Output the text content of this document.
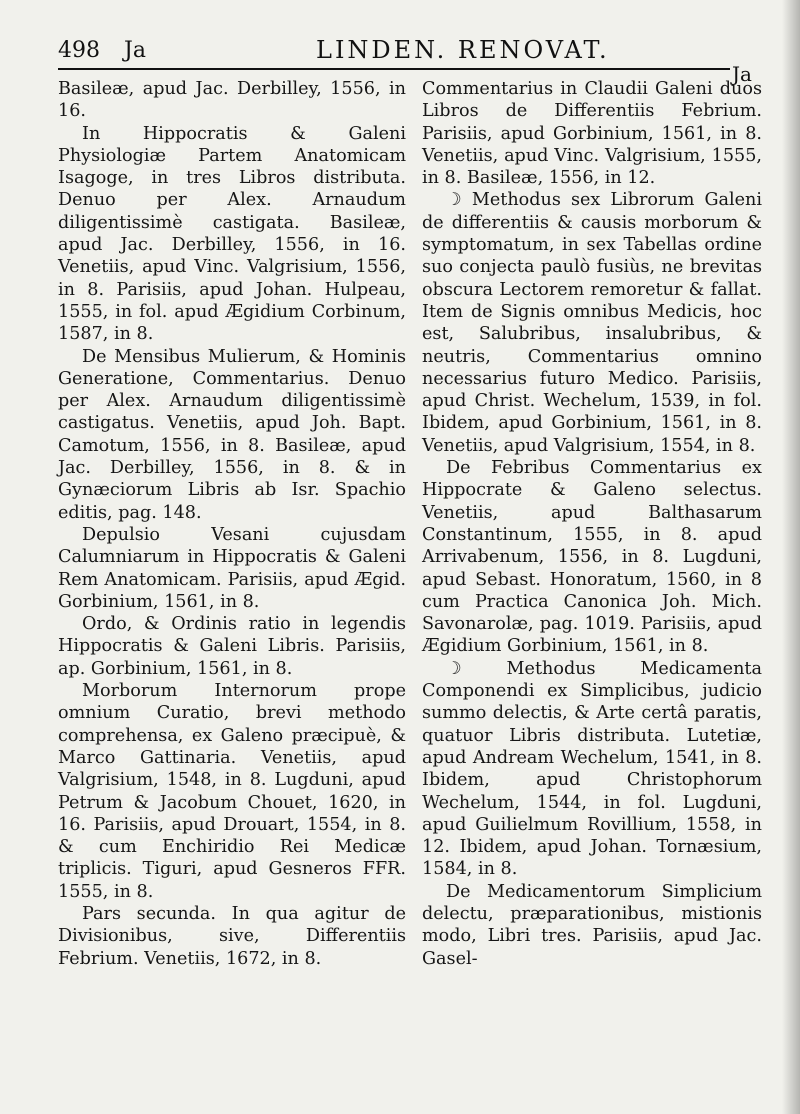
498 Ja	LINDEN. RENOVAT.
Ja

Basileæ, apud Jac. Derbilley, 1556, in 16.

In Hippocratis & Galeni Physiologiæ Partem Anatomicam Isagoge, in tres Libros distributa. Denuo per Alex. Arnaudum diligentissimè castigata. Basileæ, apud Jac. Derbilley, 1556, in 16. Venetiis, apud Vinc. Valgrisium, 1556, in 8. Parisiis, apud Johan. Hulpeau, 1555, in fol. apud Ægidium Corbinum, 1587, in 8.

De Mensibus Mulierum, & Hominis Generatione, Commentarius. Denuo per Alex. Arnaudum diligentissimè castigatus. Venetiis, apud Joh. Bapt. Camotum, 1556, in 8. Basileæ, apud Jac. Derbilley, 1556, in 8. & in Gynæciorum Libris ab Isr. Spachio editis, pag. 148.

Depulsio Vesani cujusdam Calumniarum in Hippocratis & Galeni Rem Anatomicam. Parisiis, apud Ægid. Gorbinium, 1561, in 8.

Ordo, & Ordinis ratio in legendis Hippocratis & Galeni Libris. Parisiis, ap. Gorbinium, 1561, in 8.

Morborum Internorum prope omnium Curatio, brevi methodo comprehensa, ex Galeno præcipuè, & Marco Gattinaria. Venetiis, apud Valgrisium, 1548, in 8. Lugduni, apud Petrum & Jacobum Chouet, 1620, in 16. Parisiis, apud Drouart, 1554, in 8. & cum Enchiridio Rei Medicæ triplicis. Tiguri, apud Gesneros FFR. 1555, in 8.

Pars secunda. In qua agitur de Divisionibus, sive, Differentiis Febrium. Venetiis, 1672, in 8.

Commentarius in Claudii Galeni duos Libros de Differentiis Febrium. Parisiis, apud Gorbinium, 1561, in 8. Venetiis, apud Vinc. Valgrisium, 1555, in 8. Basileæ, 1556, in 12.

☽ Methodus sex Librorum Galeni de differentiis & causis morborum & symptomatum, in sex Tabellas ordine suo conjecta paulò fusiùs, ne brevitas obscura Lectorem remoretur & fallat. Item de Signis omnibus Medicis, hoc est, Salubribus, insalubribus, & neutris, Commentarius omnino necessarius futuro Medico. Parisiis, apud Christ. Wechelum, 1539, in fol. Ibidem, apud Gorbinium, 1561, in 8. Venetiis, apud Valgrisium, 1554, in 8.

De Febribus Commentarius ex Hippocrate & Galeno selectus. Venetiis, apud Balthasarum Constantinum, 1555, in 8. apud Arrivabenum, 1556, in 8. Lugduni, apud Sebast. Honoratum, 1560, in 8 cum Practica Canonica Joh. Mich. Savonarolæ, pag. 1019. Parisiis, apud Ægidium Gorbinium, 1561, in 8.

☽ Methodus Medicamenta Componendi ex Simplicibus, judicio summo delectis, & Arte certâ paratis, quatuor Libris distributa. Lutetiæ, apud Andream Wechelum, 1541, in 8. Ibidem, apud Christophorum Wechelum, 1544, in fol. Lugduni, apud Guilielmum Rovillium, 1558, in 12. Ibidem, apud Johan. Tornæsium, 1584, in 8.

De Medicamentorum Simplicium delectu, præparationibus, mistionis modo, Libri tres. Parisiis, apud Jac. Gasel-
